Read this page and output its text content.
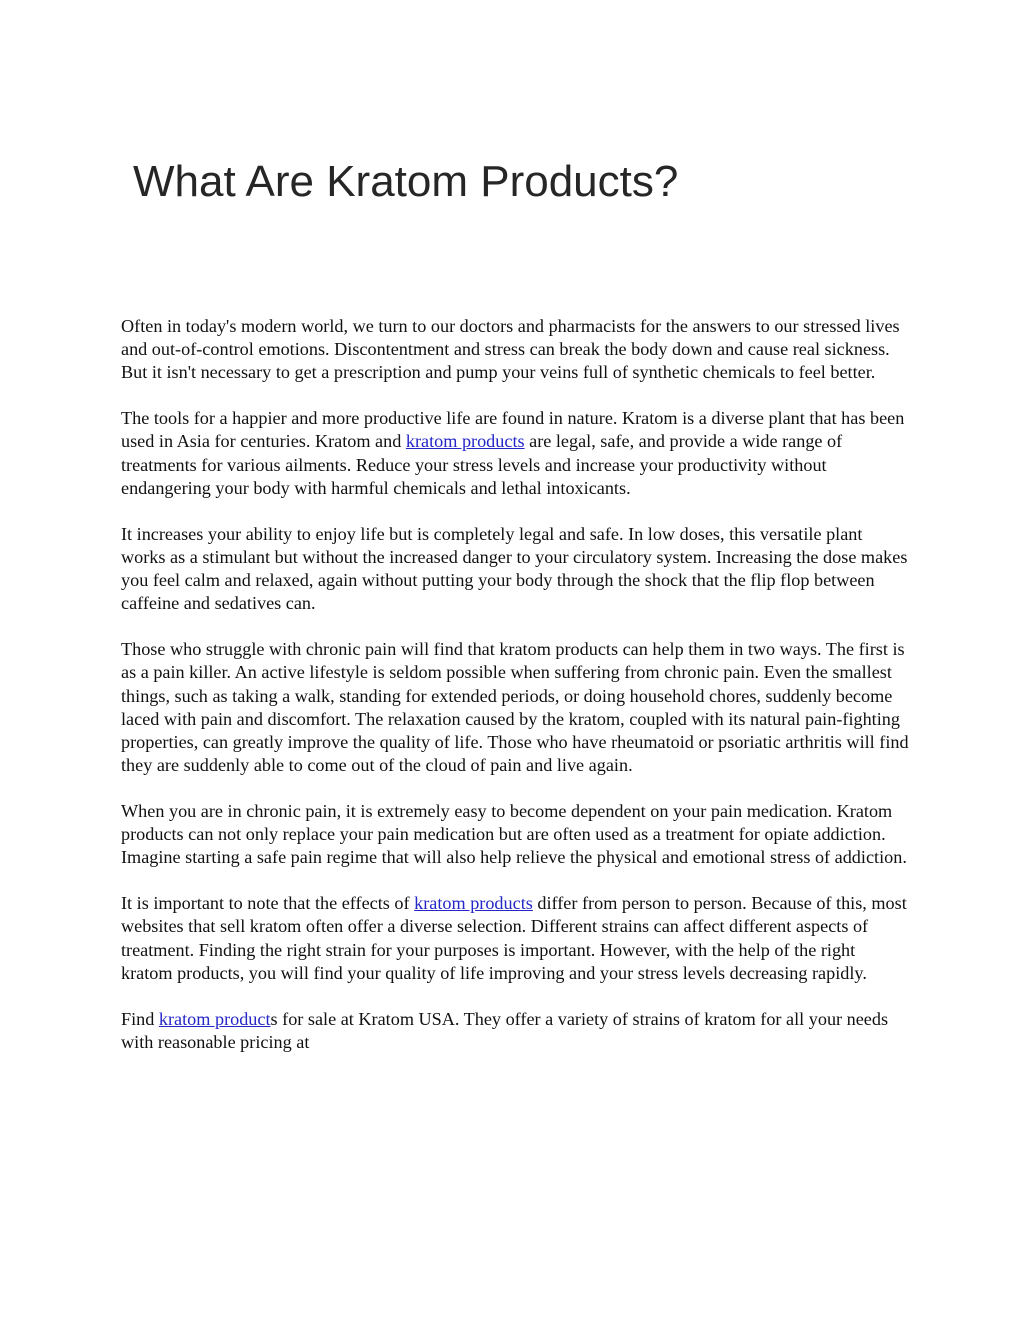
What Are Kratom Products?

Often in today's modern world, we turn to our doctors and pharmacists for the answers to our stressed lives and out-of-control emotions. Discontentment and stress can break the body down and cause real sickness. But it isn't necessary to get a prescription and pump your veins full of synthetic chemicals to feel better.

The tools for a happier and more productive life are found in nature. Kratom is a diverse plant that has been used in Asia for centuries. Kratom and kratom products are legal, safe, and provide a wide range of treatments for various ailments. Reduce your stress levels and increase your productivity without endangering your body with harmful chemicals and lethal intoxicants.

It increases your ability to enjoy life but is completely legal and safe. In low doses, this versatile plant works as a stimulant but without the increased danger to your circulatory system. Increasing the dose makes you feel calm and relaxed, again without putting your body through the shock that the flip flop between caffeine and sedatives can.

Those who struggle with chronic pain will find that kratom products can help them in two ways. The first is as a pain killer. An active lifestyle is seldom possible when suffering from chronic pain. Even the smallest things, such as taking a walk, standing for extended periods, or doing household chores, suddenly become laced with pain and discomfort. The relaxation caused by the kratom, coupled with its natural pain-fighting properties, can greatly improve the quality of life. Those who have rheumatoid or psoriatic arthritis will find they are suddenly able to come out of the cloud of pain and live again.

When you are in chronic pain, it is extremely easy to become dependent on your pain medication. Kratom products can not only replace your pain medication but are often used as a treatment for opiate addiction. Imagine starting a safe pain regime that will also help relieve the physical and emotional stress of addiction.

It is important to note that the effects of kratom products differ from person to person. Because of this, most websites that sell kratom often offer a diverse selection. Different strains can affect different aspects of treatment. Finding the right strain for your purposes is important. However, with the help of the right kratom products, you will find your quality of life improving and your stress levels decreasing rapidly.

Find kratom products for sale at Kratom USA. They offer a variety of strains of kratom for all your needs with reasonable pricing at
